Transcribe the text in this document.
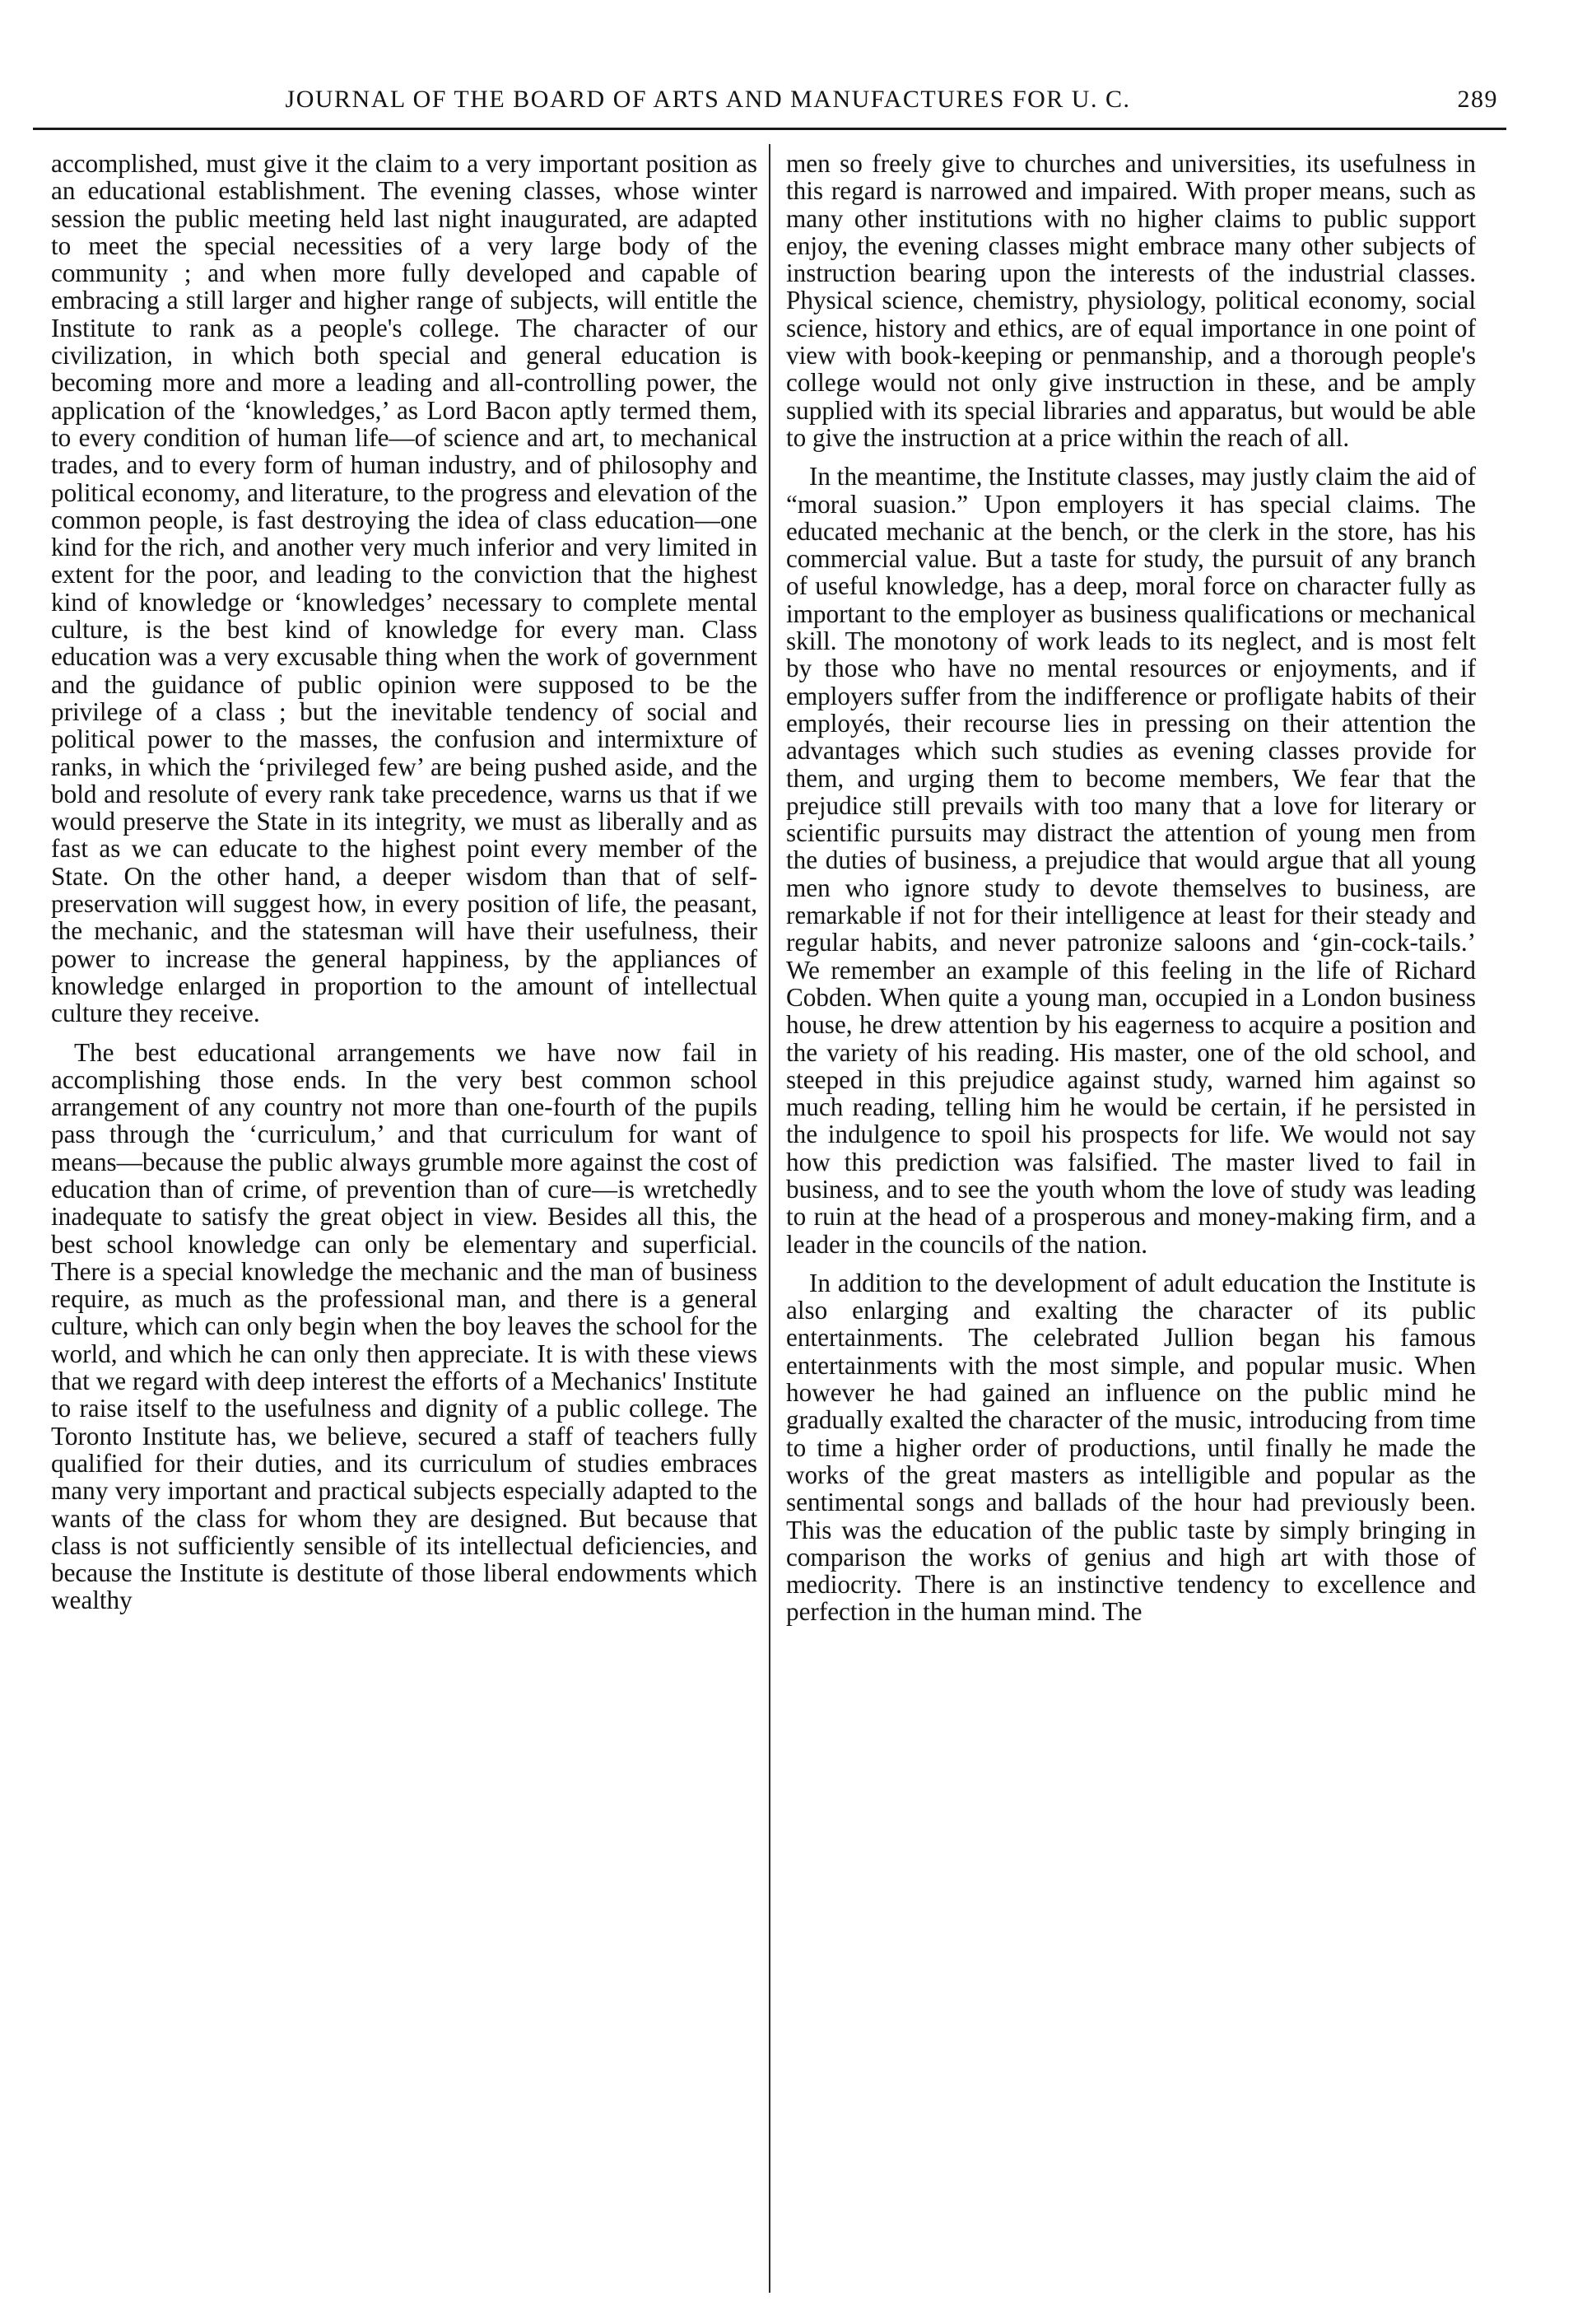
JOURNAL OF THE BOARD OF ARTS AND MANUFACTURES FOR U. C.	289

accomplished, must give it the claim to a very important position as an educational establishment. The evening classes, whose winter session the public meeting held last night inaugurated, are adapted to meet the special necessities of a very large body of the community ; and when more fully developed and capable of embracing a still larger and higher range of subjects, will entitle the Institute to rank as a people's college. The character of our civilization, in which both special and general education is becoming more and more a leading and all-controlling power, the application of the ‘knowledges,’ as Lord Bacon aptly termed them, to every condition of human life—of science and art, to mechanical trades, and to every form of human industry, and of philosophy and political economy, and literature, to the progress and elevation of the common people, is fast destroying the idea of class education—one kind for the rich, and another very much inferior and very limited in extent for the poor, and leading to the conviction that the highest kind of knowledge or ‘knowledges’ necessary to complete mental culture, is the best kind of knowledge for every man. Class education was a very excusable thing when the work of government and the guidance of public opinion were supposed to be the privilege of a class ; but the inevitable tendency of social and political power to the masses, the confusion and intermixture of ranks, in which the ‘privileged few’ are being pushed aside, and the bold and resolute of every rank take precedence, warns us that if we would preserve the State in its integrity, we must as liberally and as fast as we can educate to the highest point every member of the State. On the other hand, a deeper wisdom than that of self-preservation will suggest how, in every position of life, the peasant, the mechanic, and the statesman will have their usefulness, their power to increase the general happiness, by the appliances of knowledge enlarged in proportion to the amount of intellectual culture they receive.

The best educational arrangements we have now fail in accomplishing those ends. In the very best common school arrangement of any country not more than one-fourth of the pupils pass through the ‘curriculum,’ and that curriculum for want of means—because the public always grumble more against the cost of education than of crime, of prevention than of cure—is wretchedly inadequate to satisfy the great object in view. Besides all this, the best school knowledge can only be elementary and superficial. There is a special knowledge the mechanic and the man of business require, as much as the professional man, and there is a general culture, which can only begin when the boy leaves the school for the world, and which he can only then appreciate. It is with these views that we regard with deep interest the efforts of a Mechanics' Institute to raise itself to the usefulness and dignity of a public college. The Toronto Institute has, we believe, secured a staff of teachers fully qualified for their duties, and its curriculum of studies embraces many very important and practical subjects especially adapted to the wants of the class for whom they are designed. But because that class is not sufficiently sensible of its intellectual deficiencies, and because the Institute is destitute of those liberal endowments which wealthy

men so freely give to churches and universities, its usefulness in this regard is narrowed and impaired. With proper means, such as many other institutions with no higher claims to public support enjoy, the evening classes might embrace many other subjects of instruction bearing upon the interests of the industrial classes. Physical science, chemistry, physiology, political economy, social science, history and ethics, are of equal importance in one point of view with book-keeping or penmanship, and a thorough people's college would not only give instruction in these, and be amply supplied with its special libraries and apparatus, but would be able to give the instruction at a price within the reach of all.

In the meantime, the Institute classes, may justly claim the aid of “moral suasion.” Upon employers it has special claims. The educated mechanic at the bench, or the clerk in the store, has his commercial value. But a taste for study, the pursuit of any branch of useful knowledge, has a deep, moral force on character fully as important to the employer as business qualifications or mechanical skill. The monotony of work leads to its neglect, and is most felt by those who have no mental resources or enjoyments, and if employers suffer from the indifference or profligate habits of their employés, their recourse lies in pressing on their attention the advantages which such studies as evening classes provide for them, and urging them to become members, We fear that the prejudice still prevails with too many that a love for literary or scientific pursuits may distract the attention of young men from the duties of business, a prejudice that would argue that all young men who ignore study to devote themselves to business, are remarkable if not for their intelligence at least for their steady and regular habits, and never patronize saloons and ‘gin-cock-tails.’ We remember an example of this feeling in the life of Richard Cobden. When quite a young man, occupied in a London business house, he drew attention by his eagerness to acquire a position and the variety of his reading. His master, one of the old school, and steeped in this prejudice against study, warned him against so much reading, telling him he would be certain, if he persisted in the indulgence to spoil his prospects for life. We would not say how this prediction was falsified. The master lived to fail in business, and to see the youth whom the love of study was leading to ruin at the head of a prosperous and money-making firm, and a leader in the councils of the nation.

In addition to the development of adult education the Institute is also enlarging and exalting the character of its public entertainments. The celebrated Jullion began his famous entertainments with the most simple, and popular music. When however he had gained an influence on the public mind he gradually exalted the character of the music, introducing from time to time a higher order of productions, until finally he made the works of the great masters as intelligible and popular as the sentimental songs and ballads of the hour had previously been. This was the education of the public taste by simply bringing in comparison the works of genius and high art with those of mediocrity. There is an instinctive tendency to excellence and perfection in the human mind. The
